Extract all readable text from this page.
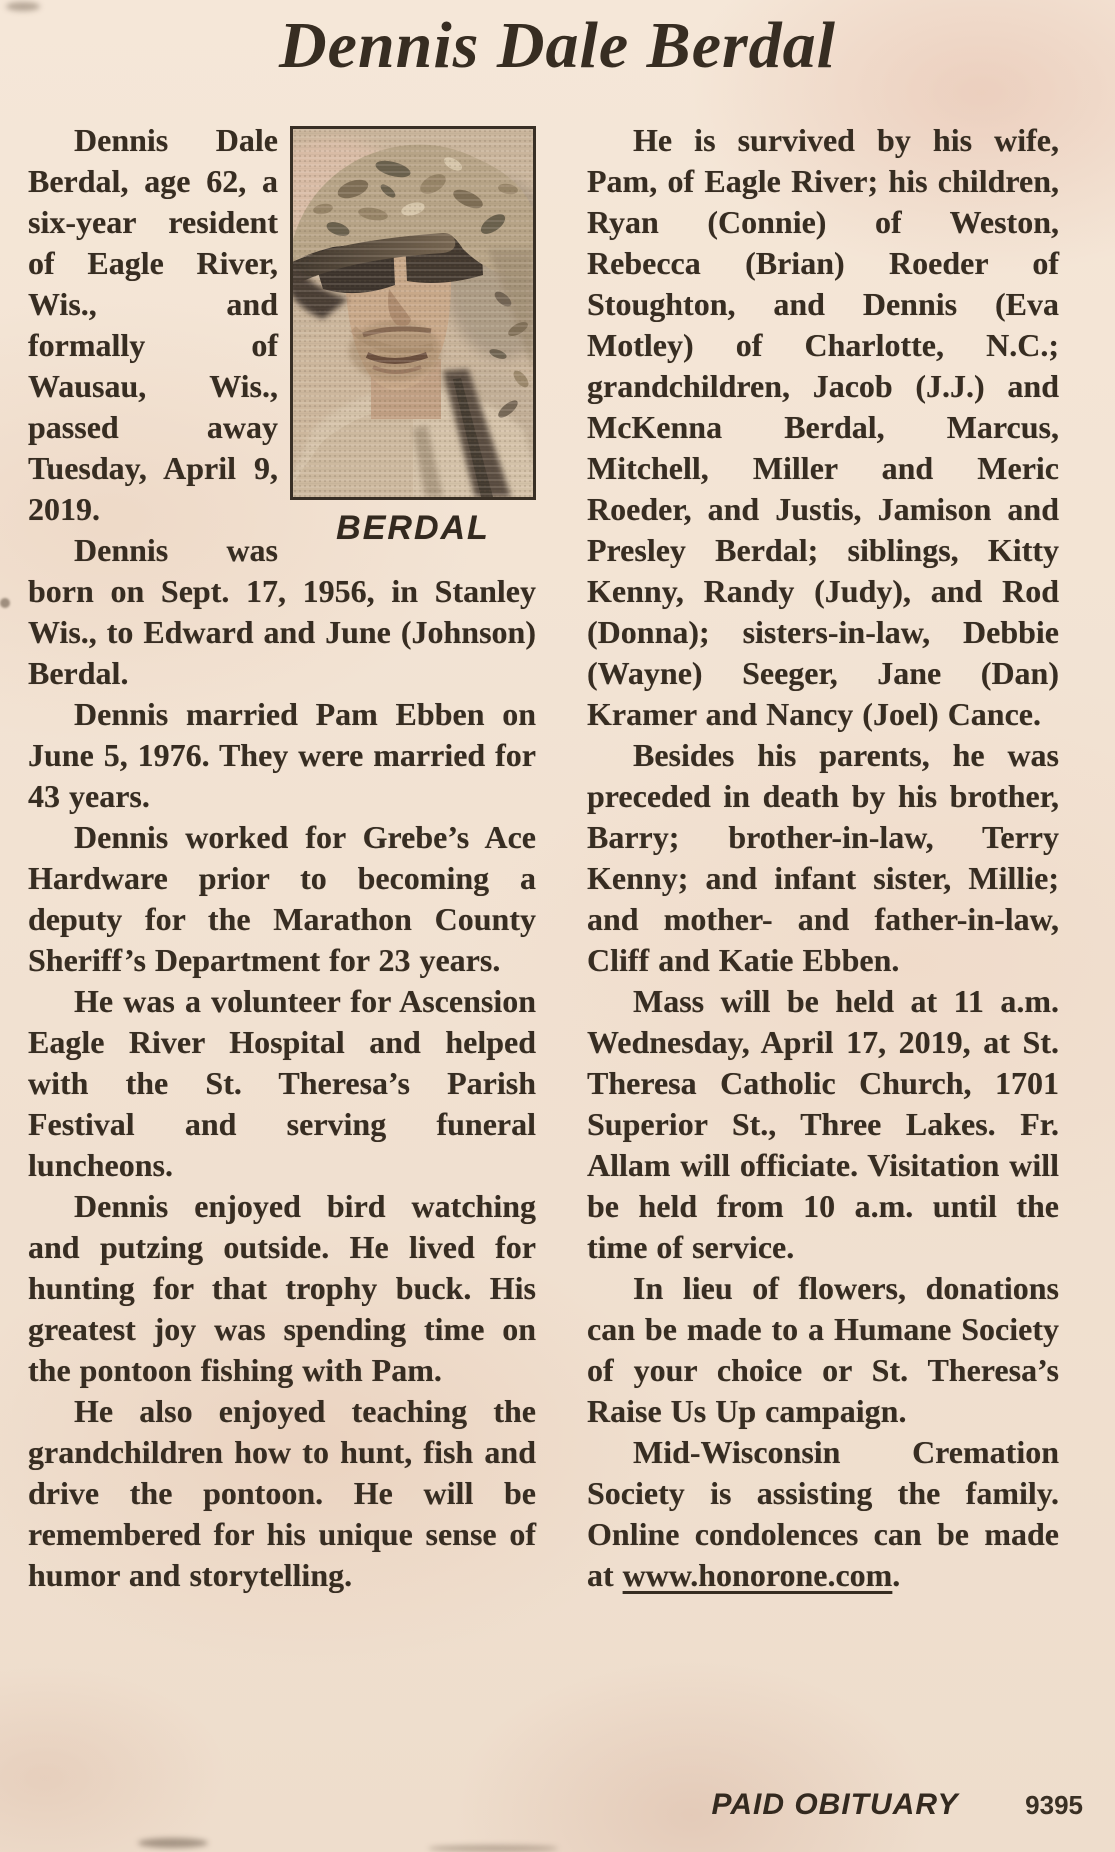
Dennis Dale Berdal
BERDAL

Dennis Dale Berdal, age 62, a six-year resident of Eagle River, Wis., and formally of Wausau, Wis., passed away Tuesday, April 9, 2019.

Dennis was born on Sept. 17, 1956, in Stanley Wis., to Edward and June (Johnson) Berdal.

Dennis married Pam Ebben on June 5, 1976. They were married for 43 years.

Dennis worked for Grebe’s Ace Hardware prior to becoming a deputy for the Marathon County Sheriff’s Department for 23 years.

He was a volunteer for Ascension Eagle River Hospital and helped with the St. Theresa’s Parish Festival and serving funeral luncheons.

Dennis enjoyed bird watching and putzing outside. He lived for hunting for that trophy buck. His greatest joy was spending time on the pontoon fishing with Pam.

He also enjoyed teaching the grandchildren how to hunt, fish and drive the pontoon. He will be remembered for his unique sense of humor and storytelling.

He is survived by his wife, Pam, of Eagle River; his children, Ryan (Connie) of Weston, Rebecca (Brian) Roeder of Stoughton, and Dennis (Eva Motley) of Charlotte, N.C.; grandchildren, Jacob (J.J.) and McKenna Berdal, Marcus, Mitchell, Miller and Meric Roeder, and Justis, Jamison and Presley Berdal; siblings, Kitty Kenny, Randy (Judy), and Rod (Donna); sisters-in-law, Debbie (Wayne) Seeger, Jane (Dan) Kramer and Nancy (Joel) Cance.

Besides his parents, he was preceded in death by his brother, Barry; brother-in-law, Terry Kenny; and infant sister, Millie; and mother- and father-in-law, Cliff and Katie Ebben.

Mass will be held at 11 a.m. Wednesday, April 17, 2019, at St. Theresa Catholic Church, 1701 Superior St., Three Lakes. Fr. Allam will officiate. Visitation will be held from 10 a.m. until the time of service.

In lieu of flowers, donations can be made to a Humane Society of your choice or St. Theresa’s Raise Us Up campaign.

Mid-Wisconsin Cremation Society is assisting the family. Online condolences can be made at www.honorone.com.

PAID OBITUARY	9395
